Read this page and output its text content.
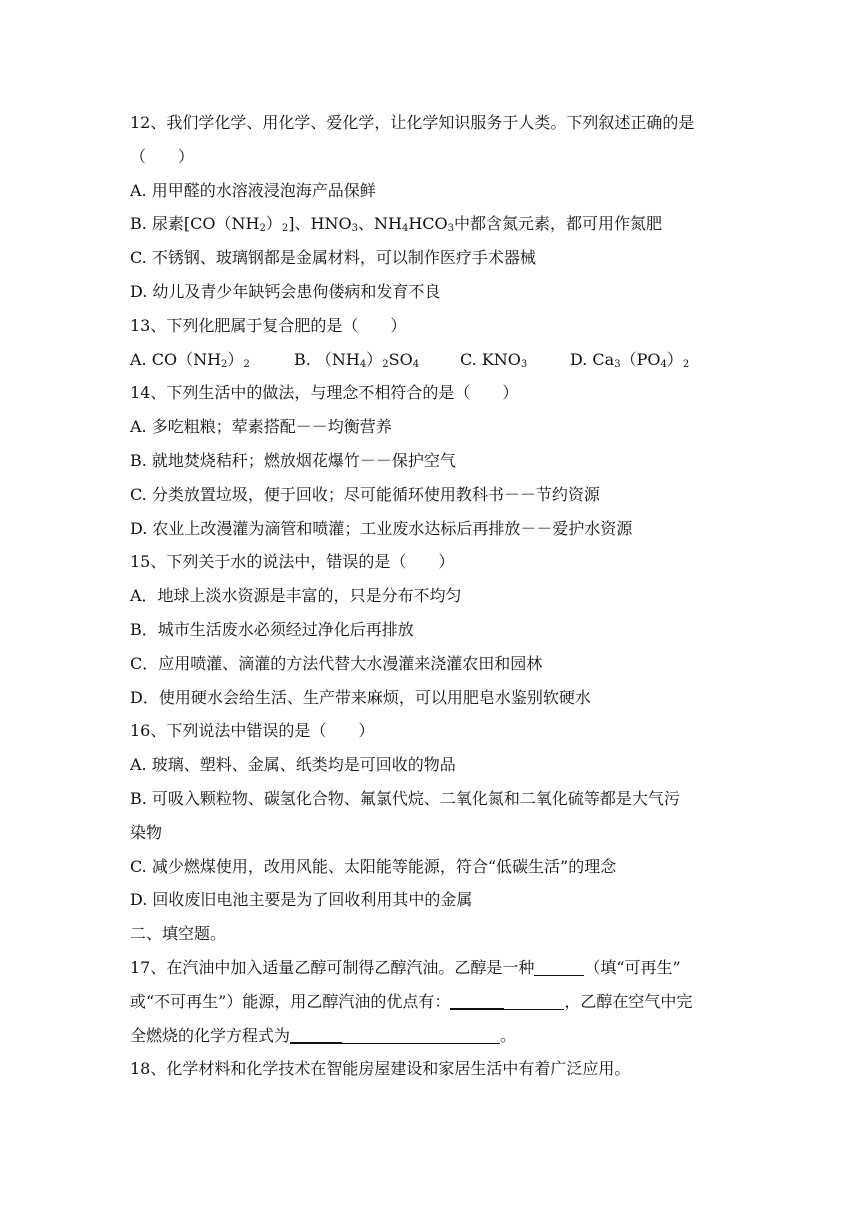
12、我们学化学、用化学、爱化学，让化学知识服务于人类。下列叙述正确的是
（　　）
A. 用甲醛的水溶液浸泡海产品保鲜
B. 尿素$[CO(NH_2)_2]$、$HNO_3$、$NH_4HCO_3$中都含氮元素，都可用作氮肥
C. 不锈钢、玻璃钢都是金属材料，可以制作医疗手术器械
D. 幼儿及青少年缺钙会患佝偻病和发育不良
13、下列化肥属于复合肥的是（　　）
A. $CO(NH_2)_2$	B. $(NH_4)_2SO_4$	C. $KNO_3$	D. $Ca_3(PO_4)_2$
14、下列生活中的做法，与理念不相符合的是（　　）
A. 多吃粗粮；荤素搭配－－均衡营养
B. 就地焚烧秸秆；燃放烟花爆竹－－保护空气
C. 分类放置垃圾，便于回收；尽可能循环使用教科书－－节约资源
D. 农业上改漫灌为滴管和喷灌；工业废水达标后再排放－－爱护水资源
15、下列关于水的说法中，错误的是（　　）
A．地球上淡水资源是丰富的，只是分布不均匀
B．城市生活废水必须经过净化后再排放
C．应用喷灌、滴灌的方法代替大水漫灌来浇灌农田和园林
D．使用硬水会给生活、生产带来麻烦，可以用肥皂水鉴别软硬水
16、下列说法中错误的是（　　）
A. 玻璃、塑料、金属、纸类均是可回收的物品
B. 可吸入颗粒物、碳氢化合物、氟氯代烷、二氧化氮和二氧化硫等都是大气污
染物
C. 减少燃煤使用，改用风能、太阳能等能源，符合“低碳生活”的理念
D. 回收废旧电池主要是为了回收利用其中的金属
二、填空题。
17、在汽油中加入适量乙醇可制得乙醇汽油。乙醇是一种	（填“可再生”
或“不可再生”）能源，用乙醇汽油的优点有：	，乙醇在空气中完
全燃烧的化学方程式为	。
18、化学材料和化学技术在智能房屋建设和家居生活中有着广泛应用。
